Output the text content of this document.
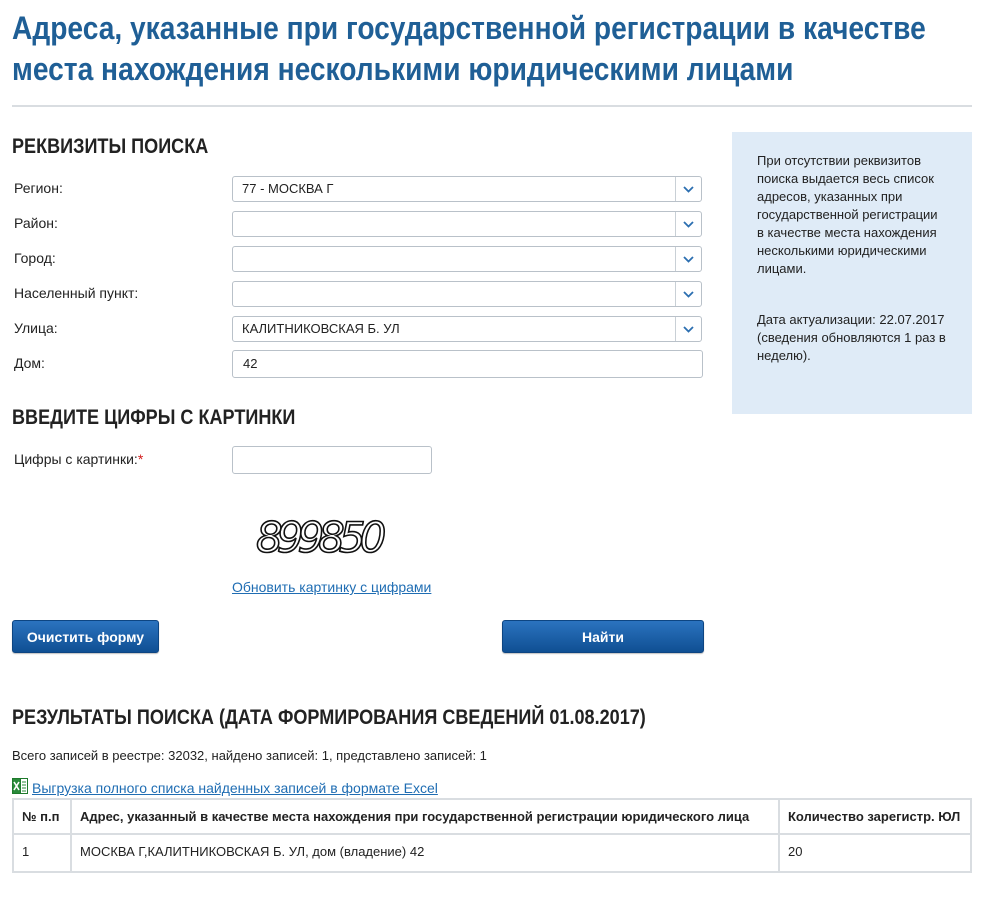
Адреса, указанные при государственной регистрации в качестве
места нахождения несколькими юридическими лицами
РЕКВИЗИТЫ ПОИСКА
Регион:	77 - МОСКВА Г
Район:
Город:
Населенный пункт:
Улица:	КАЛИТНИКОВСКАЯ Б. УЛ
Дом:	42

При отсутствии реквизитов поиска выдается весь список адресов, указанных при государственной регистрации в качестве места нахождения несколькими юридическими лицами.

Дата актуализации: 22.07.2017 (сведения обновляются 1 раз в неделю).

ВВЕДИТЕ ЦИФРЫ С КАРТИНКИ
Цифры с картинки:*
899850
Обновить картинку с цифрами
Очистить форму	Найти
РЕЗУЛЬТАТЫ ПОИСКА (ДАТА ФОРМИРОВАНИЯ СВЕДЕНИЙ 01.08.2017)
Всего записей в реестре: 32032, найдено записей: 1, представлено записей: 1
Выгрузка полного списка найденных записей в формате Excel
№ п.п	Адрес, указанный в качестве места нахождения при государственной регистрации юридического лица	Количество зарегистр. ЮЛ
1	МОСКВА Г,КАЛИТНИКОВСКАЯ Б. УЛ, дом (владение) 42	20
